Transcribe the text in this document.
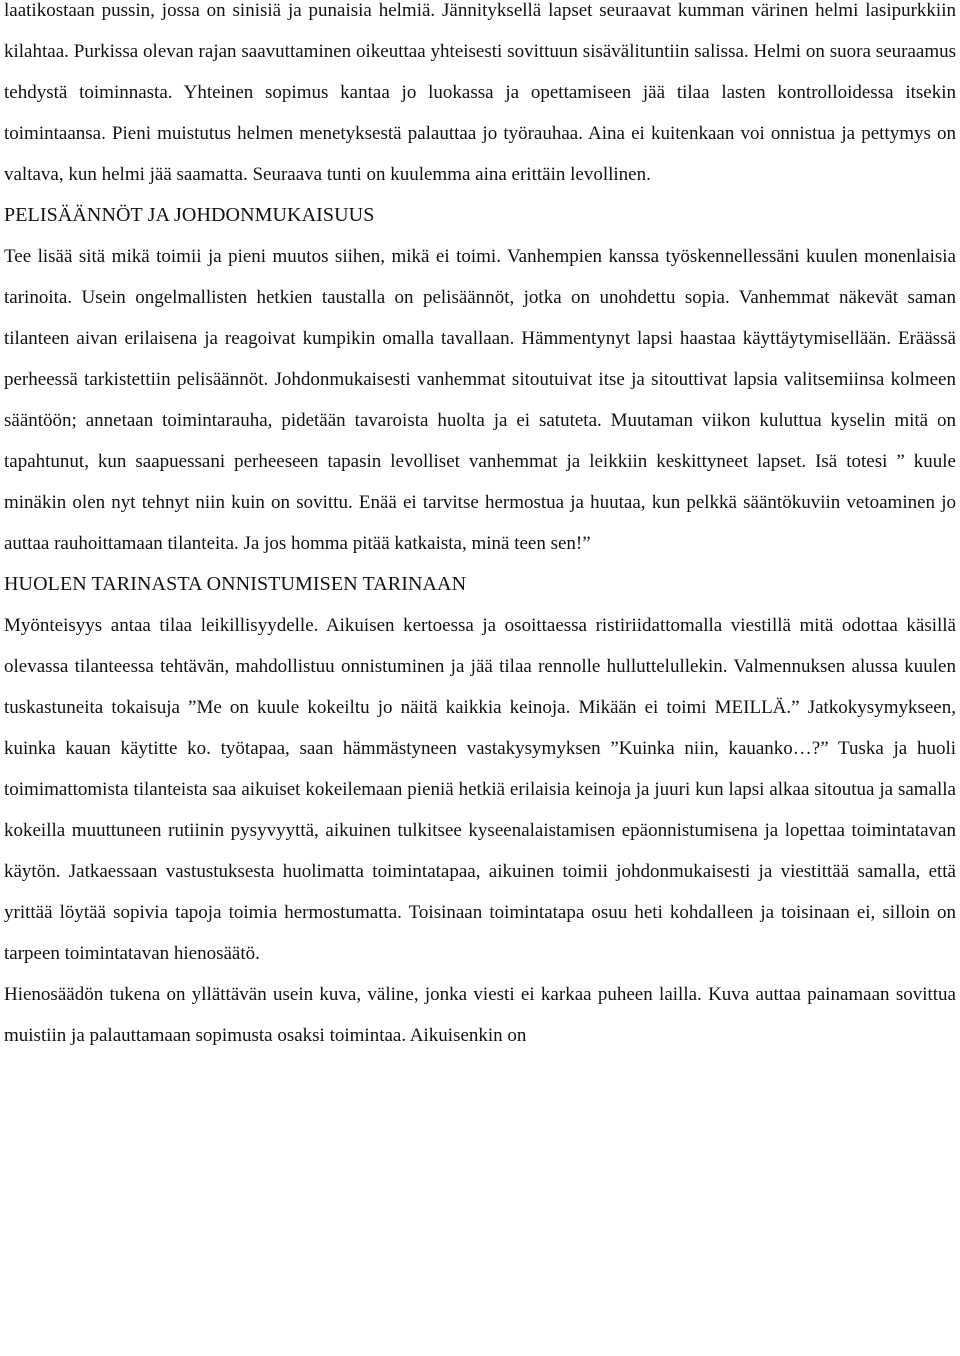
laatikostaan pussin, jossa on sinisiä ja punaisia helmiä. Jännityksellä lapset seuraavat kumman värinen helmi lasipurkkiin kilahtaa. Purkissa olevan rajan saavuttaminen oikeuttaa yhteisesti sovittuun sisävälituntiin salissa. Helmi on suora seuraamus tehdystä toiminnasta. Yhteinen sopimus kantaa jo luokassa ja opettamiseen jää tilaa lasten kontrolloidessa itsekin toimintaansa. Pieni muistutus helmen menetyksestä palauttaa jo työrauhaa. Aina ei kuitenkaan voi onnistua ja pettymys on valtava, kun helmi jää saamatta. Seuraava tunti on kuulemma aina erittäin levollinen.

PELISÄÄNNÖT JA JOHDONMUKAISUUS

Tee lisää sitä mikä toimii ja pieni muutos siihen, mikä ei toimi. Vanhempien kanssa työskennellessäni kuulen monenlaisia tarinoita. Usein ongelmallisten hetkien taustalla on pelisäännöt, jotka on unohdettu sopia. Vanhemmat näkevät saman tilanteen aivan erilaisena ja reagoivat kumpikin omalla tavallaan. Hämmentynyt lapsi haastaa käyttäytymisellään. Eräässä perheessä tarkistettiin pelisäännöt. Johdonmukaisesti vanhemmat sitoutuivat itse ja sitouttivat lapsia valitsemiinsa kolmeen sääntöön; annetaan toimintarauha, pidetään tavaroista huolta ja ei satuteta. Muutaman viikon kuluttua kyselin mitä on tapahtunut, kun saapuessani perheeseen tapasin levolliset vanhemmat ja leikkiin keskittyneet lapset. Isä totesi ” kuule minäkin olen nyt tehnyt niin kuin on sovittu. Enää ei tarvitse hermostua ja huutaa, kun pelkkä sääntökuviin vetoaminen jo auttaa rauhoittamaan tilanteita. Ja jos homma pitää katkaista, minä teen sen!”

HUOLEN TARINASTA ONNISTUMISEN TARINAAN

Myönteisyys antaa tilaa leikillisyydelle. Aikuisen kertoessa ja osoittaessa ristiriidattomalla viestillä mitä odottaa käsillä olevassa tilanteessa tehtävän, mahdollistuu onnistuminen ja jää tilaa rennolle hulluttelullekin. Valmennuksen alussa kuulen tuskastuneita tokaisuja ”Me on kuule kokeiltu jo näitä kaikkia keinoja. Mikään ei toimi MEILLÄ.” Jatkokysymykseen, kuinka kauan käytitte ko. työtapaa, saan hämmästyneen vastakysymyksen ”Kuinka niin, kauanko…?” Tuska ja huoli toimimattomista tilanteista saa aikuiset kokeilemaan pieniä hetkiä erilaisia keinoja ja juuri kun lapsi alkaa sitoutua ja samalla kokeilla muuttuneen rutiinin pysyvyyttä, aikuinen tulkitsee kyseenalaistamisen epäonnistumisena ja lopettaa toimintatavan käytön. Jatkaessaan vastustuksesta huolimatta toimintatapaa, aikuinen toimii johdonmukaisesti ja viestittää samalla, että yrittää löytää sopivia tapoja toimia hermostumatta. Toisinaan toimintatapa osuu heti kohdalleen ja toisinaan ei, silloin on tarpeen toimintatavan hienosäätö.

Hienosäädön tukena on yllättävän usein kuva, väline, jonka viesti ei karkaa puheen lailla. Kuva auttaa painamaan sovittua muistiin ja palauttamaan sopimusta osaksi toimintaa. Aikuisenkin on
